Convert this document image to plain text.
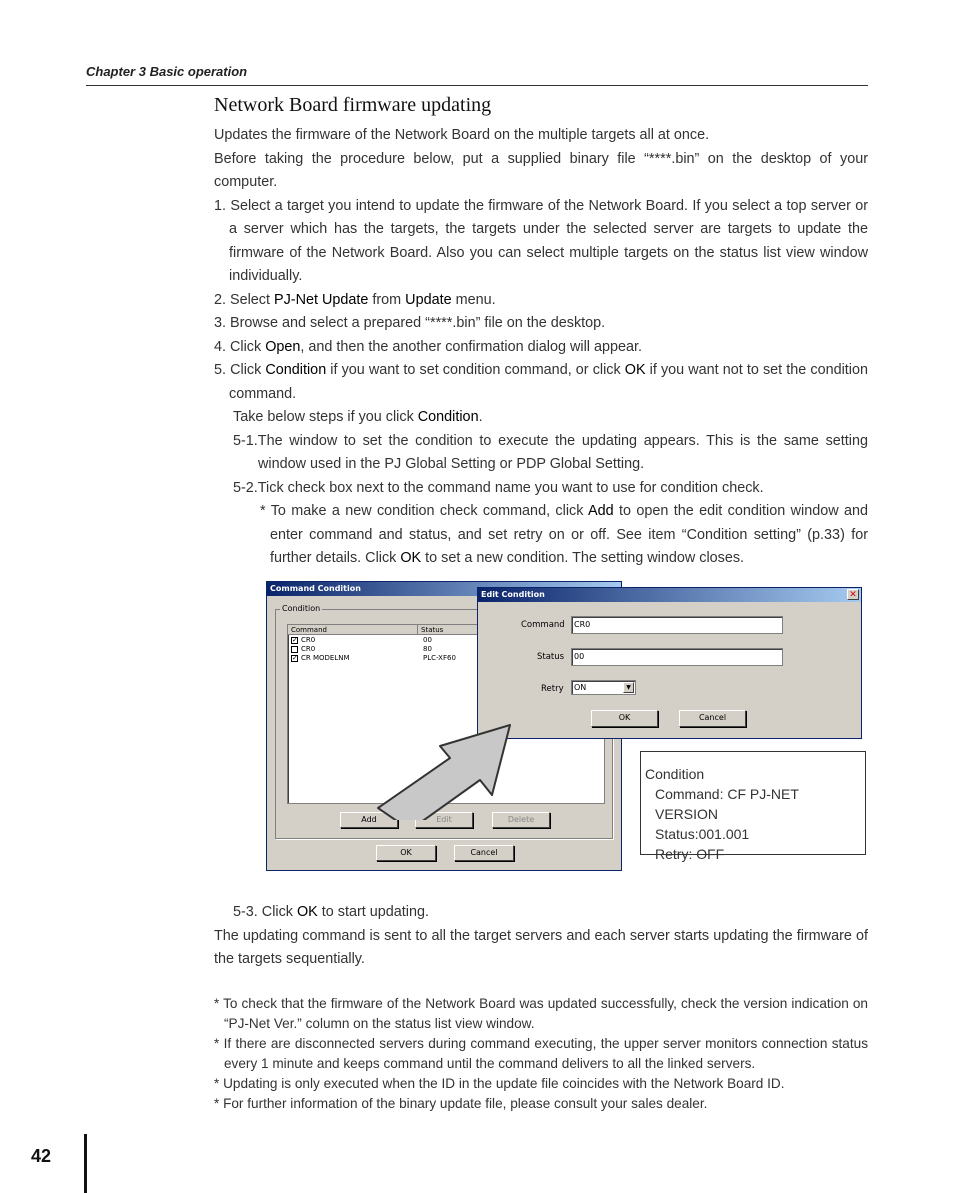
Chapter 3 Basic operation
Network Board firmware updating

Updates the firmware of the Network Board on the multiple targets all at once.

Before taking the procedure below, put a supplied binary file “****.bin” on the desktop of your computer.

1. Select a target you intend to update the firmware of the Network Board. If you select a top server or a server which has the targets, the targets under the selected server are targets to update the firmware of the Network Board. Also you can select multiple targets on the status list view window individually.

2. Select PJ-Net Update from Update menu.

3. Browse and select a prepared “****.bin” file on the desktop.

4. Click Open, and then the another confirmation dialog will appear.

5. Click Condition if you want to set condition command, or click OK if you want not to set the condition command.

Take below steps if you click Condition.

5-1.The window to set the condition to execute the updating appears. This is the same setting window used in the PJ Global Setting or PDP Global Setting.

5-2.Tick check box next to the command name you want to use for condition check.

* To make a new condition check command, click Add to open the edit condition window and enter command and status, and set retry on or off. See item “Condition setting” (p.33) for further details. Click OK to set a new condition. The setting window closes.

Command Condition
Condition
Command	Status
✓ CR0	00
CR0	80
✓ CR MODELNM	PLC-XF60
Add	Edit	Delete
OK	Cancel
Edit Condition	✕
Command	CR0
Status	00
Retry	ON	▼
OK	Cancel
Condition
Command: CF PJ-NET VERSION
Status:001.001
Retry: OFF

5-3. Click OK to start updating.

The updating command is sent to all the target servers and each server starts updating the firmware of the targets sequentially.

* To check that the firmware of the Network Board was updated successfully, check the version indication on “PJ-Net Ver.” column on the status list view window.

* If there are disconnected servers during command executing, the upper server monitors connection status every 1 minute and keeps command until the command delivers to all the linked servers.

* Updating is only executed when the ID in the update file coincides with the Network Board ID.

* For further information of the binary update file, please consult your sales dealer.

42
